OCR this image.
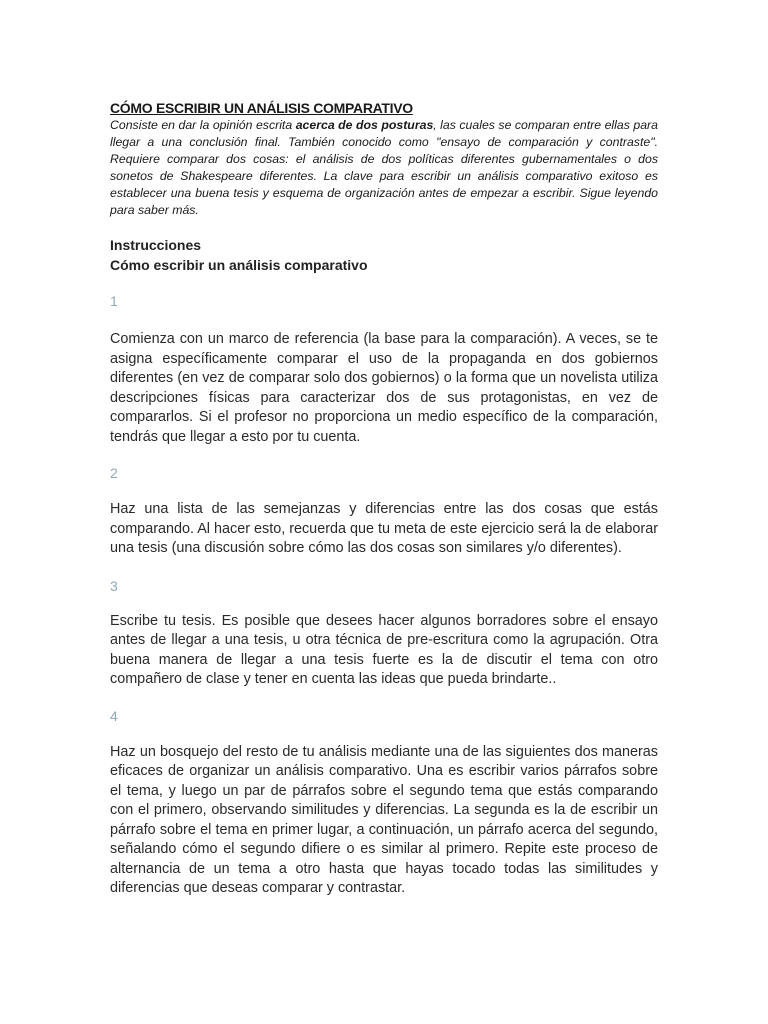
CÓMO ESCRIBIR UN ANÁLISIS COMPARATIVO

Consiste en dar la opinión escrita acerca de dos posturas, las cuales se comparan entre ellas para llegar a una conclusión final. También conocido como "ensayo de comparación y contraste". Requiere comparar dos cosas: el análisis de dos políticas diferentes gubernamentales o dos sonetos de Shakespeare diferentes. La clave para escribir un análisis comparativo exitoso es establecer una buena tesis y esquema de organización antes de empezar a escribir. Sigue leyendo para saber más.

Instrucciones

Cómo escribir un análisis comparativo

1

Comienza con un marco de referencia (la base para la comparación). A veces, se te asigna específicamente comparar el uso de la propaganda en dos gobiernos diferentes (en vez de comparar solo dos gobiernos) o la forma que un novelista utiliza descripciones físicas para caracterizar dos de sus protagonistas, en vez de compararlos. Si el profesor no proporciona un medio específico de la comparación, tendrás que llegar a esto por tu cuenta.

2

Haz una lista de las semejanzas y diferencias entre las dos cosas que estás comparando. Al hacer esto, recuerda que tu meta de este ejercicio será la de elaborar una tesis (una discusión sobre cómo las dos cosas son similares y/o diferentes).

3

Escribe tu tesis. Es posible que desees hacer algunos borradores sobre el ensayo antes de llegar a una tesis, u otra técnica de pre-escritura como la agrupación. Otra buena manera de llegar a una tesis fuerte es la de discutir el tema con otro compañero de clase y tener en cuenta las ideas que pueda brindarte..

4

Haz un bosquejo del resto de tu análisis mediante una de las siguientes dos maneras eficaces de organizar un análisis comparativo. Una es escribir varios párrafos sobre el tema, y luego un par de párrafos sobre el segundo tema que estás comparando con el primero, observando similitudes y diferencias. La segunda es la de escribir un párrafo sobre el tema en primer lugar, a continuación, un párrafo acerca del segundo, señalando cómo el segundo difiere o es similar al primero. Repite este proceso de alternancia de un tema a otro hasta que hayas tocado todas las similitudes y diferencias que deseas comparar y contrastar.
